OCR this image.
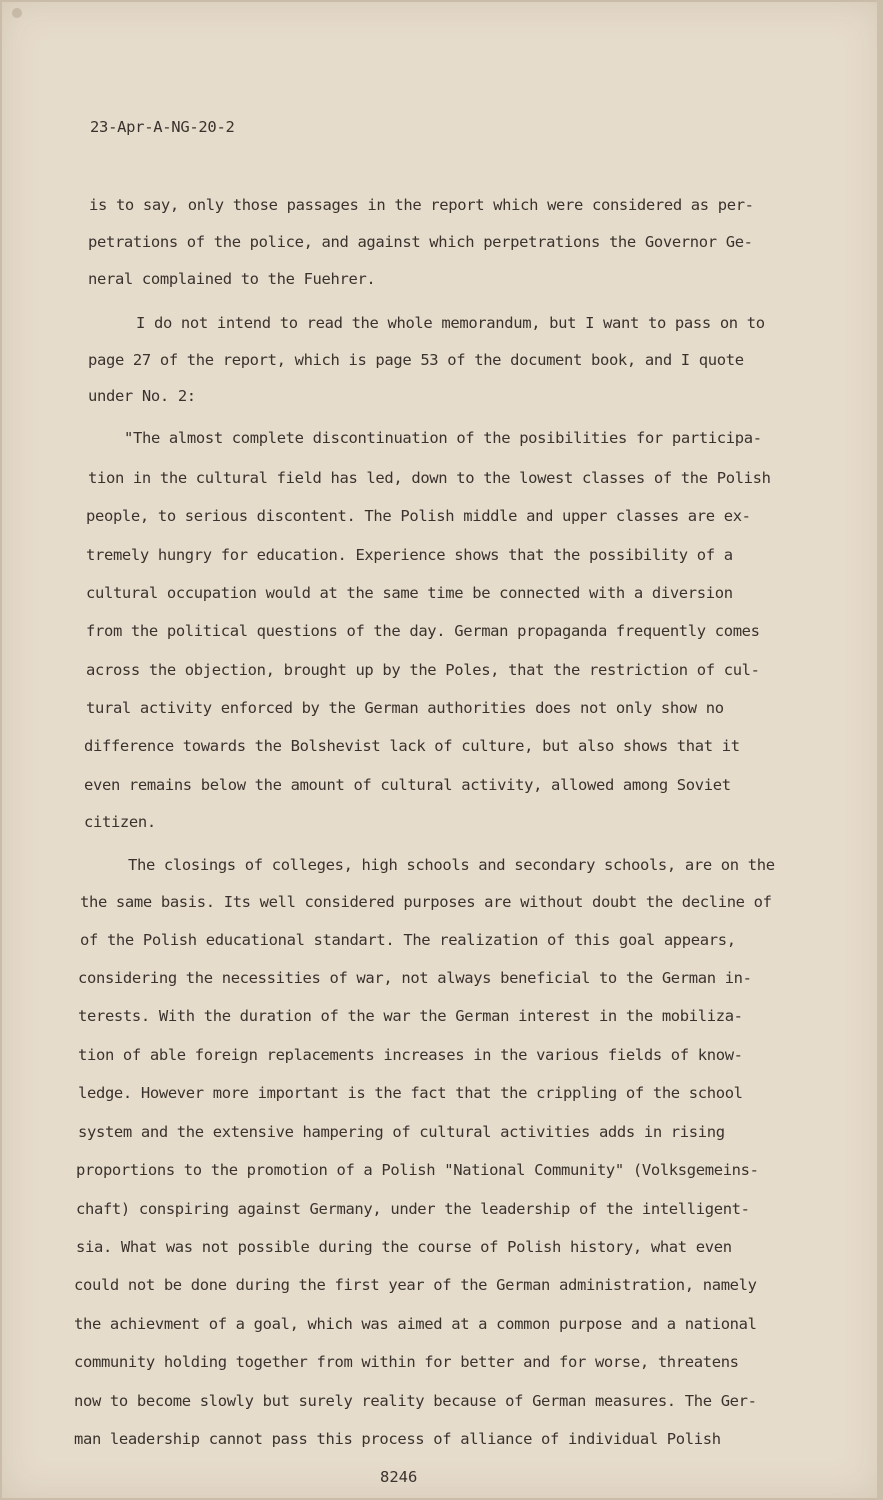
23-Apr-A-NG-20-2
is to say, only those passages in the report which were considered as per-
petrations of the police, and against which perpetrations the Governor Ge-
neral complained to the Fuehrer.
I do not intend to read the whole memorandum, but I want to pass on to
page 27 of the report, which is page 53 of the document book, and I quote
under No. 2:
"The almost complete discontinuation of the posibilities for participa-
tion in the cultural field has led, down to the lowest classes of the Polish
people, to serious discontent. The Polish middle and upper classes are ex-
tremely hungry for education. Experience shows that the possibility of a
cultural occupation would at the same time be connected with a diversion
from the political questions of the day. German propaganda frequently comes
across the objection, brought up by the Poles, that the restriction of cul-
tural activity enforced by the German authorities does not only show no
difference towards the Bolshevist lack of culture, but also shows that it
even remains below the amount of cultural activity, allowed among Soviet
citizen.
The closings of colleges, high schools and secondary schools, are on the
the same basis. Its well considered purposes are without doubt the decline of
of the Polish educational standart. The realization of this goal appears,
considering the necessities of war, not always beneficial to the German in-
terests. With the duration of the war the German interest in the mobiliza-
tion of able foreign replacements increases in the various fields of know-
ledge. However more important is the fact that the crippling of the school
system and the extensive hampering of cultural activities adds in rising
proportions to the promotion of a Polish "National Community" (Volksgemeins-
chaft) conspiring against Germany, under the leadership of the intelligent-
sia. What was not possible during the course of Polish history, what even
could not be done during the first year of the German administration, namely
the achievment of a goal, which was aimed at a common purpose and a national
community holding together from within for better and for worse, threatens
now to become slowly but surely reality because of German measures. The Ger-
man leadership cannot pass this process of alliance of individual Polish
8246
